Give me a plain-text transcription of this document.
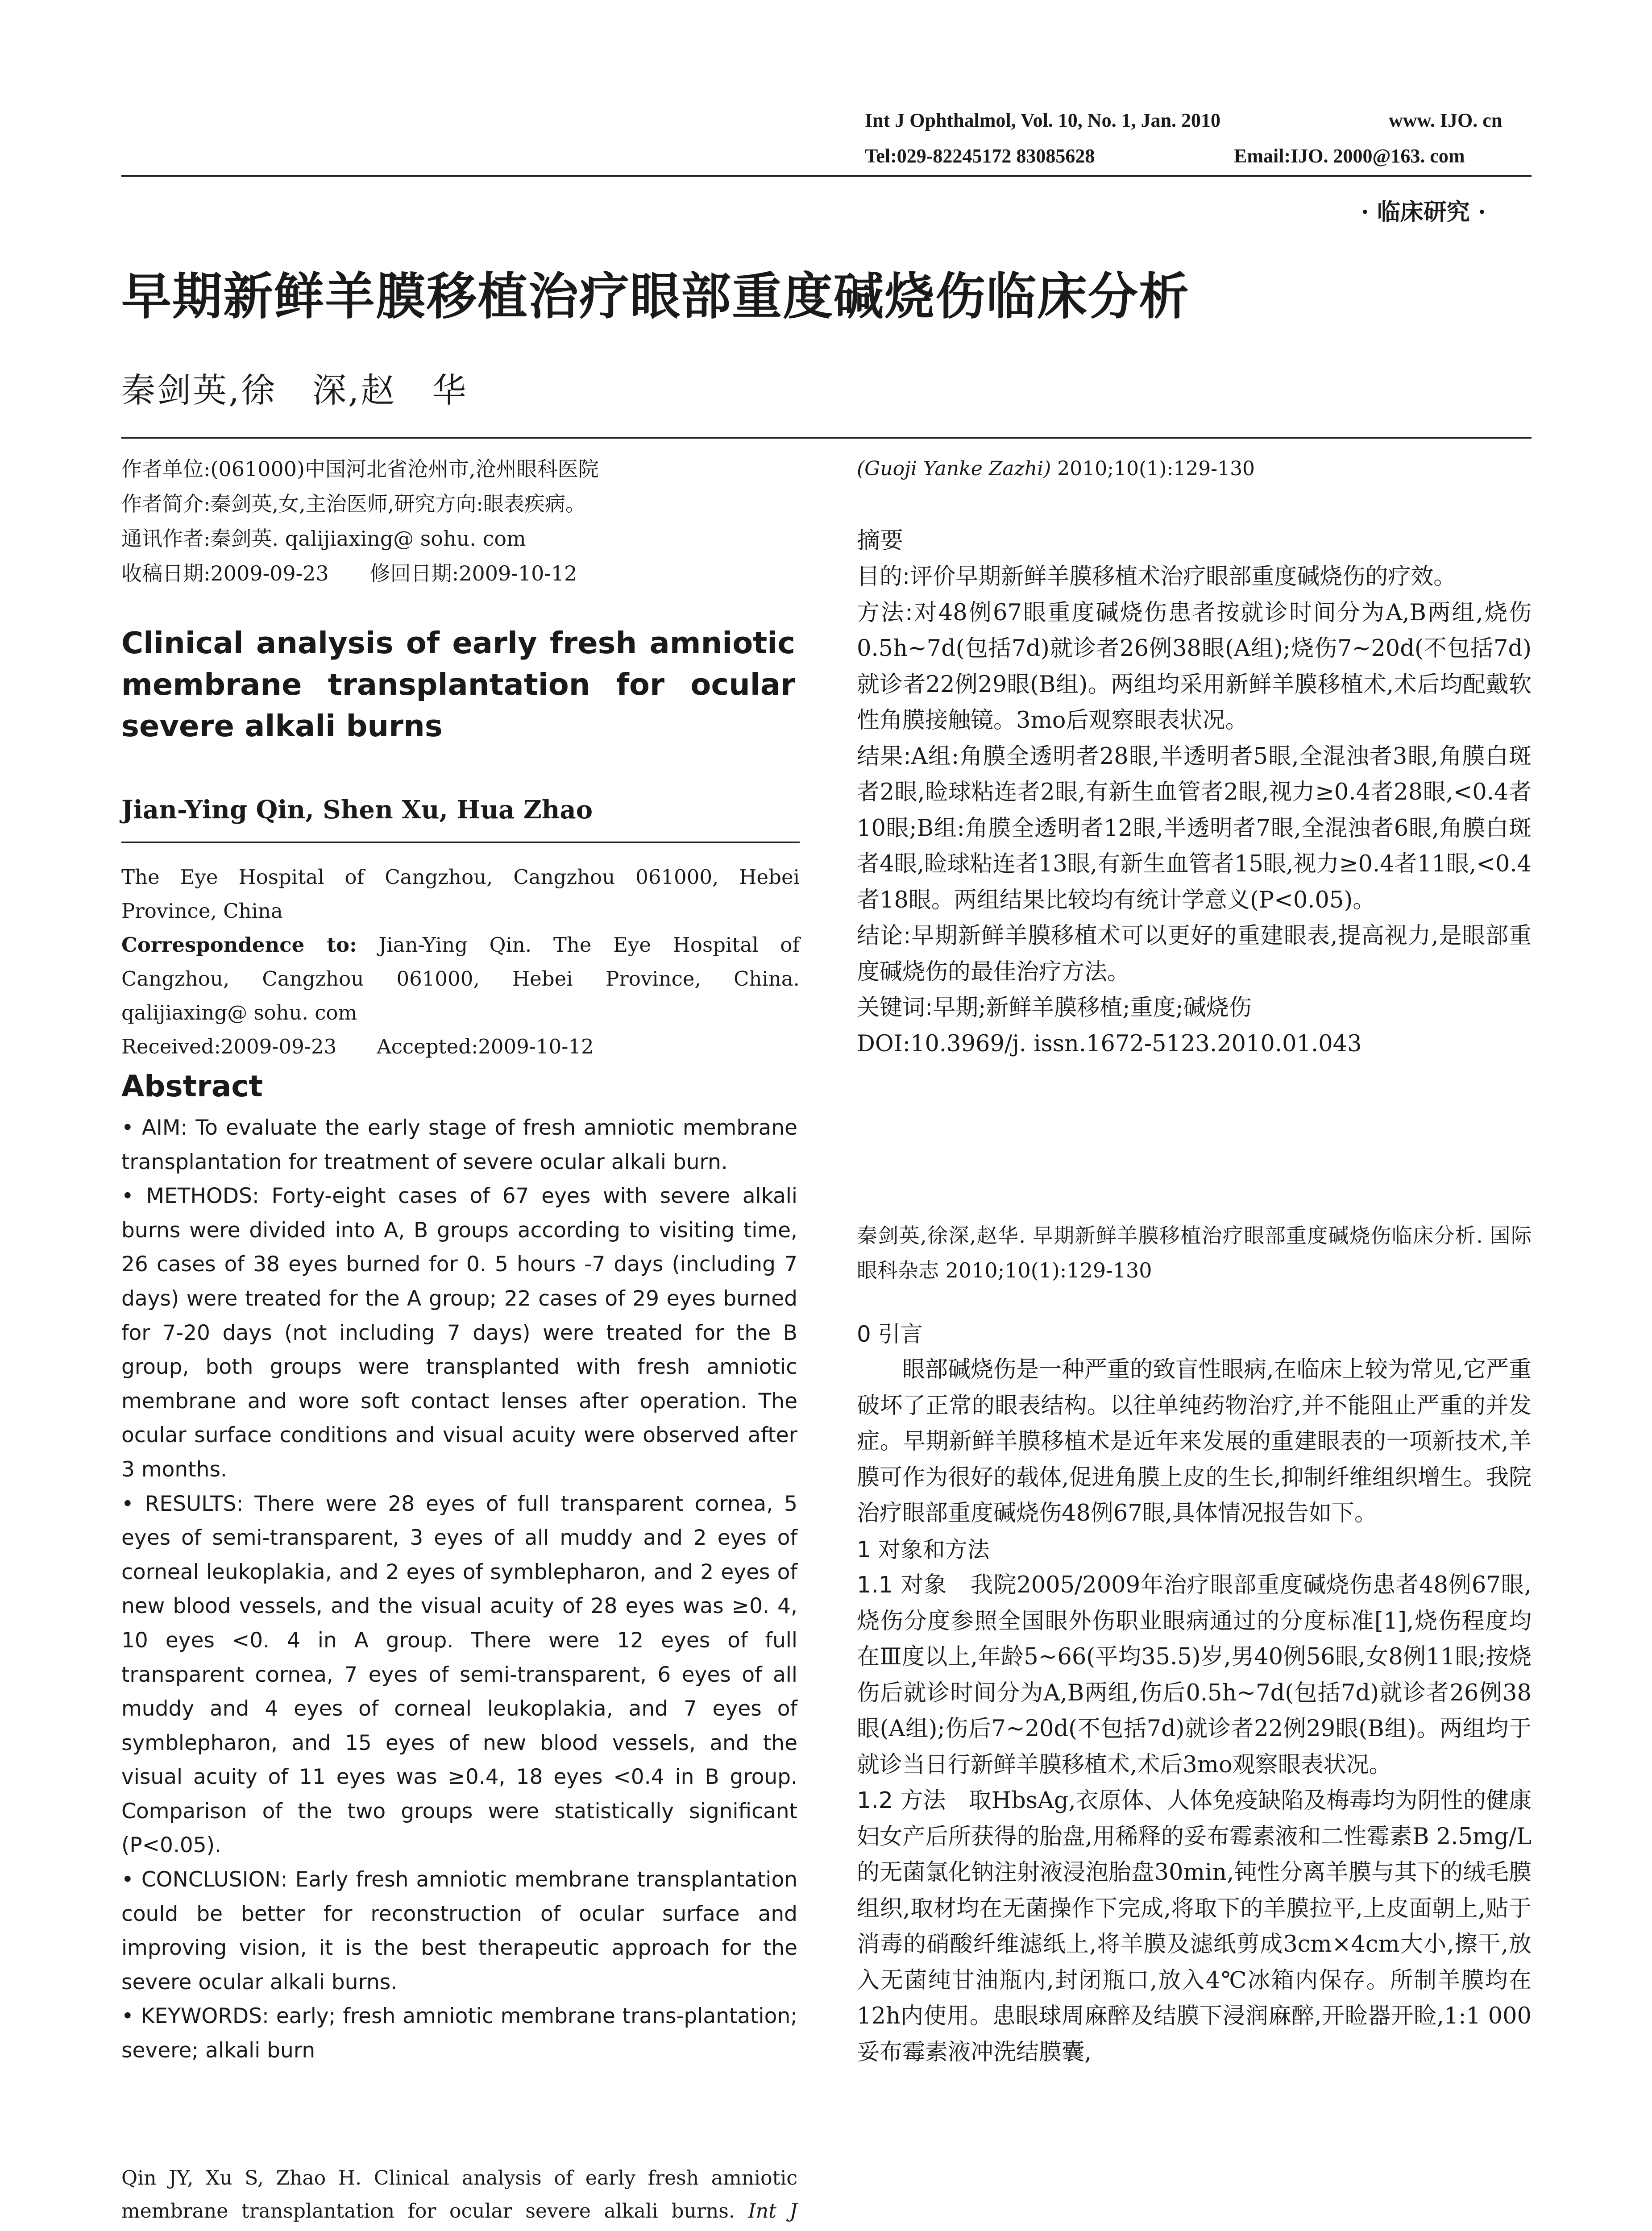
Int J Ophthalmol, Vol. 10, No. 1, Jan. 2010	www. IJO. cn
Tel:029-82245172 83085628	Email:IJO. 2000@163. com
· 临床研究 ·
早期新鲜羊膜移植治疗眼部重度碱烧伤临床分析
秦剑英,徐　深,赵　华
作者单位:(061000)中国河北省沧州市,沧州眼科医院
作者简介:秦剑英,女,主治医师,研究方向:眼表疾病。
通讯作者:秦剑英. qalijiaxing@ sohu. com
收稿日期:2009-09-23　　修回日期:2009-10-12
Clinical analysis of early fresh amniotic membrane transplantation for ocular severe alkali burns
Jian-Ying Qin, Shen Xu, Hua Zhao
The Eye Hospital of Cangzhou, Cangzhou 061000, Hebei Province, China
Correspondence to: Jian-Ying Qin. The Eye Hospital of Cangzhou, Cangzhou 061000, Hebei Province, China. qalijiaxing@ sohu. com
Received:2009-09-23　　Accepted:2009-10-12
Abstract
• AIM: To evaluate the early stage of fresh amniotic membrane transplantation for treatment of severe ocular alkali burn.
• METHODS: Forty-eight cases of 67 eyes with severe alkali burns were divided into A, B groups according to visiting time, 26 cases of 38 eyes burned for 0. 5 hours -7 days (including 7 days) were treated for the A group; 22 cases of 29 eyes burned for 7-20 days (not including 7 days) were treated for the B group, both groups were transplanted with fresh amniotic membrane and wore soft contact lenses after operation. The ocular surface conditions and visual acuity were observed after 3 months.
• RESULTS: There were 28 eyes of full transparent cornea, 5 eyes of semi-transparent, 3 eyes of all muddy and 2 eyes of corneal leukoplakia, and 2 eyes of symblepharon, and 2 eyes of new blood vessels, and the visual acuity of 28 eyes was ≥0. 4, 10 eyes <0. 4 in A group. There were 12 eyes of full transparent cornea, 7 eyes of semi-transparent, 6 eyes of all muddy and 4 eyes of corneal leukoplakia, and 7 eyes of symblepharon, and 15 eyes of new blood vessels, and the visual acuity of 11 eyes was ≥0.4, 18 eyes <0.4 in B group. Comparison of the two groups were statistically significant (P<0.05).
• CONCLUSION: Early fresh amniotic membrane transplantation could be better for reconstruction of ocular surface and improving vision, it is the best therapeutic approach for the severe ocular alkali burns.
• KEYWORDS: early; fresh amniotic membrane trans-plantation; severe; alkali burn
Qin JY, Xu S, Zhao H. Clinical analysis of early fresh amniotic membrane transplantation for ocular severe alkali burns. Int J
(Guoji Yanke Zazhi) 2010;10(1):129-130
摘要
目的:评价早期新鲜羊膜移植术治疗眼部重度碱烧伤的疗效。
方法:对48例67眼重度碱烧伤患者按就诊时间分为A,B两组,烧伤0.5h~7d(包括7d)就诊者26例38眼(A组);烧伤7~20d(不包括7d)就诊者22例29眼(B组)。两组均采用新鲜羊膜移植术,术后均配戴软性角膜接触镜。3mo后观察眼表状况。
结果:A组:角膜全透明者28眼,半透明者5眼,全混浊者3眼,角膜白斑者2眼,睑球粘连者2眼,有新生血管者2眼,视力≥0.4者28眼,<0.4者10眼;B组:角膜全透明者12眼,半透明者7眼,全混浊者6眼,角膜白斑者4眼,睑球粘连者13眼,有新生血管者15眼,视力≥0.4者11眼,<0.4者18眼。两组结果比较均有统计学意义(P<0.05)。
结论:早期新鲜羊膜移植术可以更好的重建眼表,提高视力,是眼部重度碱烧伤的最佳治疗方法。
关键词:早期;新鲜羊膜移植;重度;碱烧伤
DOI:10.3969/j. issn.1672-5123.2010.01.043
秦剑英,徐深,赵华. 早期新鲜羊膜移植治疗眼部重度碱烧伤临床分析. 国际眼科杂志 2010;10(1):129-130
0 引言
眼部碱烧伤是一种严重的致盲性眼病,在临床上较为常见,它严重破坏了正常的眼表结构。以往单纯药物治疗,并不能阻止严重的并发症。早期新鲜羊膜移植术是近年来发展的重建眼表的一项新技术,羊膜可作为很好的载体,促进角膜上皮的生长,抑制纤维组织增生。我院治疗眼部重度碱烧伤48例67眼,具体情况报告如下。
1 对象和方法
1.1 对象　我院2005/2009年治疗眼部重度碱烧伤患者48例67眼,烧伤分度参照全国眼外伤职业眼病通过的分度标准[1],烧伤程度均在Ⅲ度以上,年龄5~66(平均35.5)岁,男40例56眼,女8例11眼;按烧伤后就诊时间分为A,B两组,伤后0.5h~7d(包括7d)就诊者26例38眼(A组);伤后7~20d(不包括7d)就诊者22例29眼(B组)。两组均于就诊当日行新鲜羊膜移植术,术后3mo观察眼表状况。
1.2 方法　取HbsAg,衣原体、人体免疫缺陷及梅毒均为阴性的健康妇女产后所获得的胎盘,用稀释的妥布霉素液和二性霉素B 2.5mg/L的无菌氯化钠注射液浸泡胎盘30min,钝性分离羊膜与其下的绒毛膜组织,取材均在无菌操作下完成,将取下的羊膜拉平,上皮面朝上,贴于消毒的硝酸纤维滤纸上,将羊膜及滤纸剪成3cm×4cm大小,擦干,放入无菌纯甘油瓶内,封闭瓶口,放入4℃冰箱内保存。所制羊膜均在12h内使用。患眼球周麻醉及结膜下浸润麻醉,开睑器开睑,1:1 000妥布霉素液冲洗结膜囊,
